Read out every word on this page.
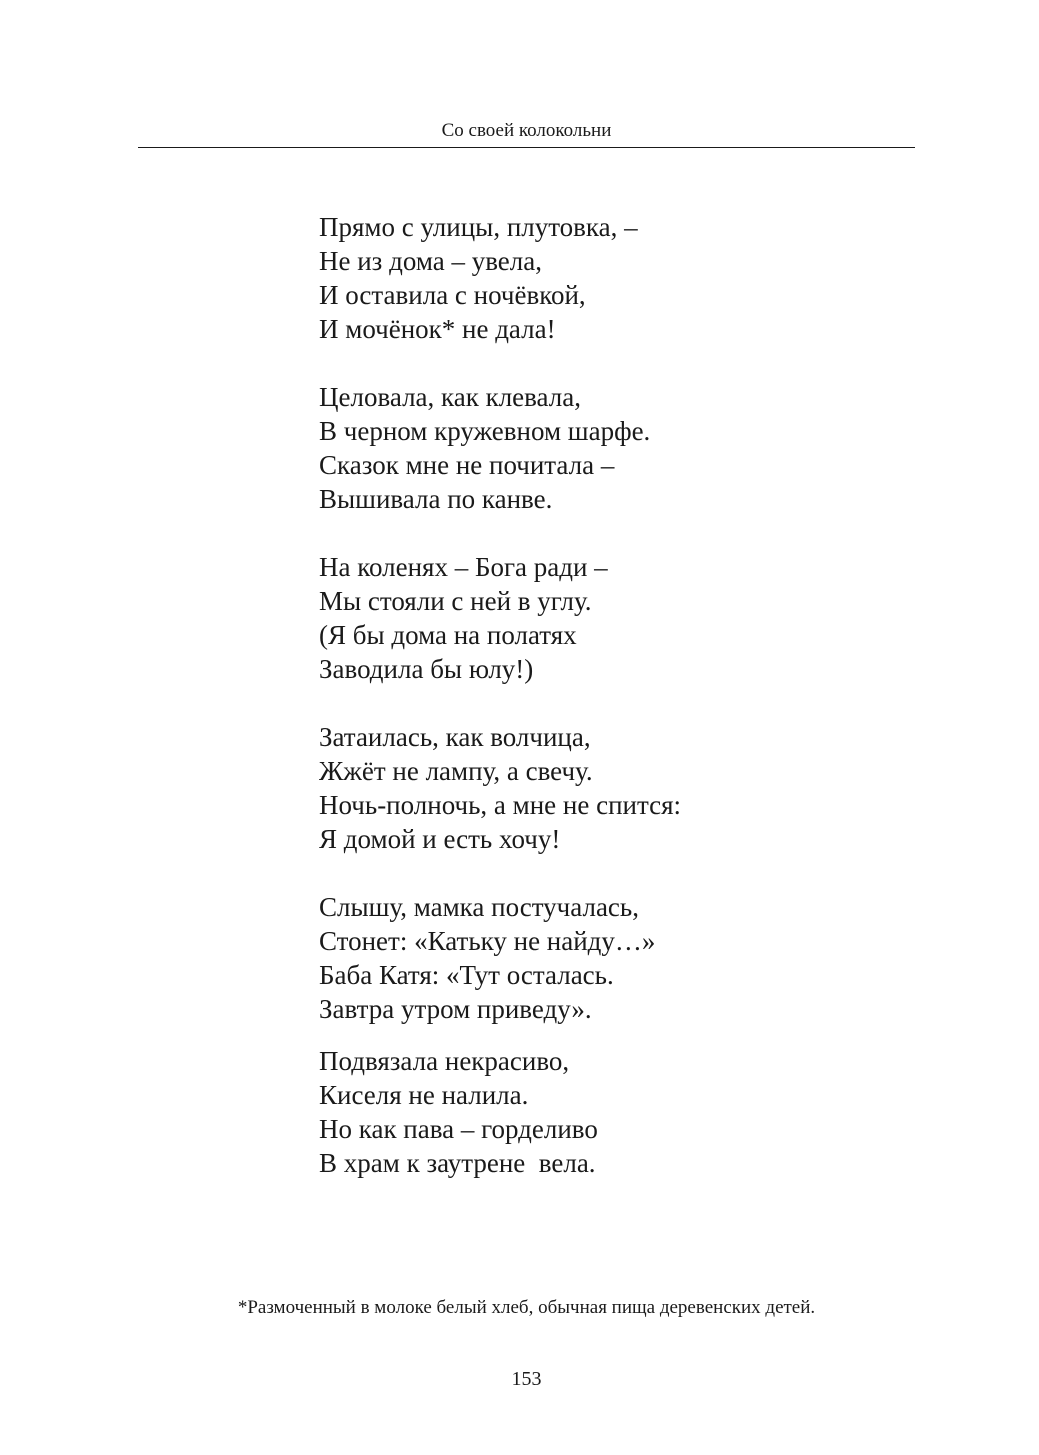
Со своей колокольни
Прямо с улицы, плутовка, –
Не из дома – увела,
И оставила с ночёвкой,
И мочёнок* не дала!
Целовала, как клевала,
В черном кружевном шарфе.
Сказок мне не почитала –
Вышивала по канве.
На коленях – Бога ради –
Мы стояли с ней в углу.
(Я бы дома на полатях
Заводила бы юлу!)
Затаилась, как волчица,
Жжёт не лампу, а свечу.
Ночь-полночь, а мне не спится:
Я домой и есть хочу!
Слышу, мамка постучалась,
Стонет: «Катьку не найду…»
Баба Катя: «Тут осталась.
Завтра утром приведу».
Подвязала некрасиво,
Киселя не налила.
Но как пава – горделиво
В храм к заутрене  вела.
*Размоченный в молоке белый хлеб, обычная пища деревенских детей.
153
